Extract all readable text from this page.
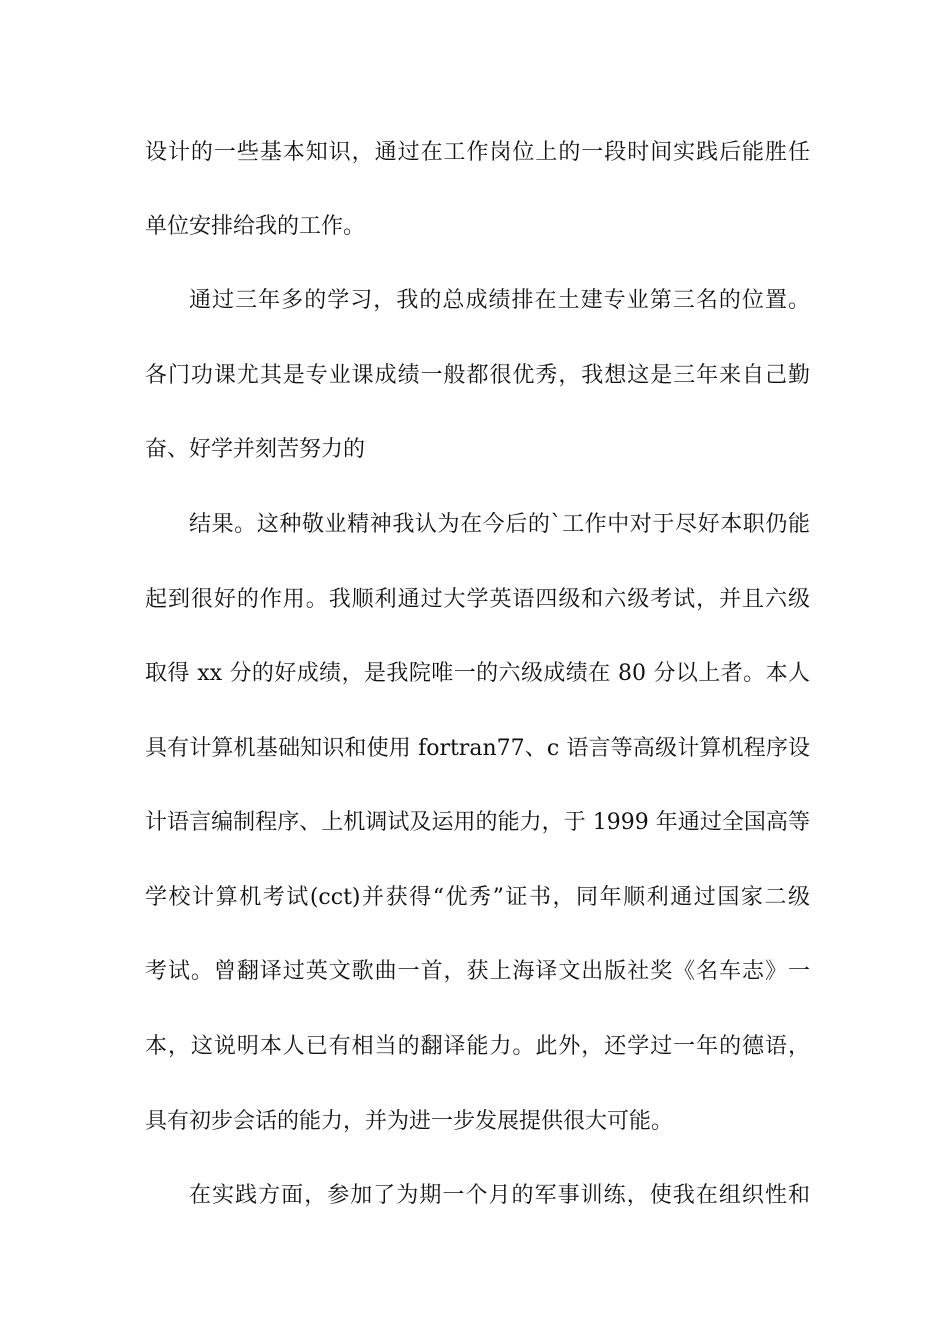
设计的一些基本知识，通过在工作岗位上的一段时间实践后能胜任
单位安排给我的工作。
通过三年多的学习，我的总成绩排在土建专业第三名的位置。
各门功课尤其是专业课成绩一般都很优秀，我想这是三年来自己勤
奋、好学并刻苦努力的
结果。这种敬业精神我认为在今后的`工作中对于尽好本职仍能
起到很好的作用。我顺利通过大学英语四级和六级考试，并且六级
取得 xx 分的好成绩，是我院唯一的六级成绩在 80 分以上者。本人
具有计算机基础知识和使用 fortran77、c 语言等高级计算机程序设
计语言编制程序、上机调试及运用的能力，于 1999 年通过全国高等
学校计算机考试(cct)并获得“优秀”证书，同年顺利通过国家二级
考试。曾翻译过英文歌曲一首，获上海译文出版社奖《名车志》一
本，这说明本人已有相当的翻译能力。此外，还学过一年的德语，
具有初步会话的能力，并为进一步发展提供很大可能。
在实践方面，参加了为期一个月的军事训练，使我在组织性和
